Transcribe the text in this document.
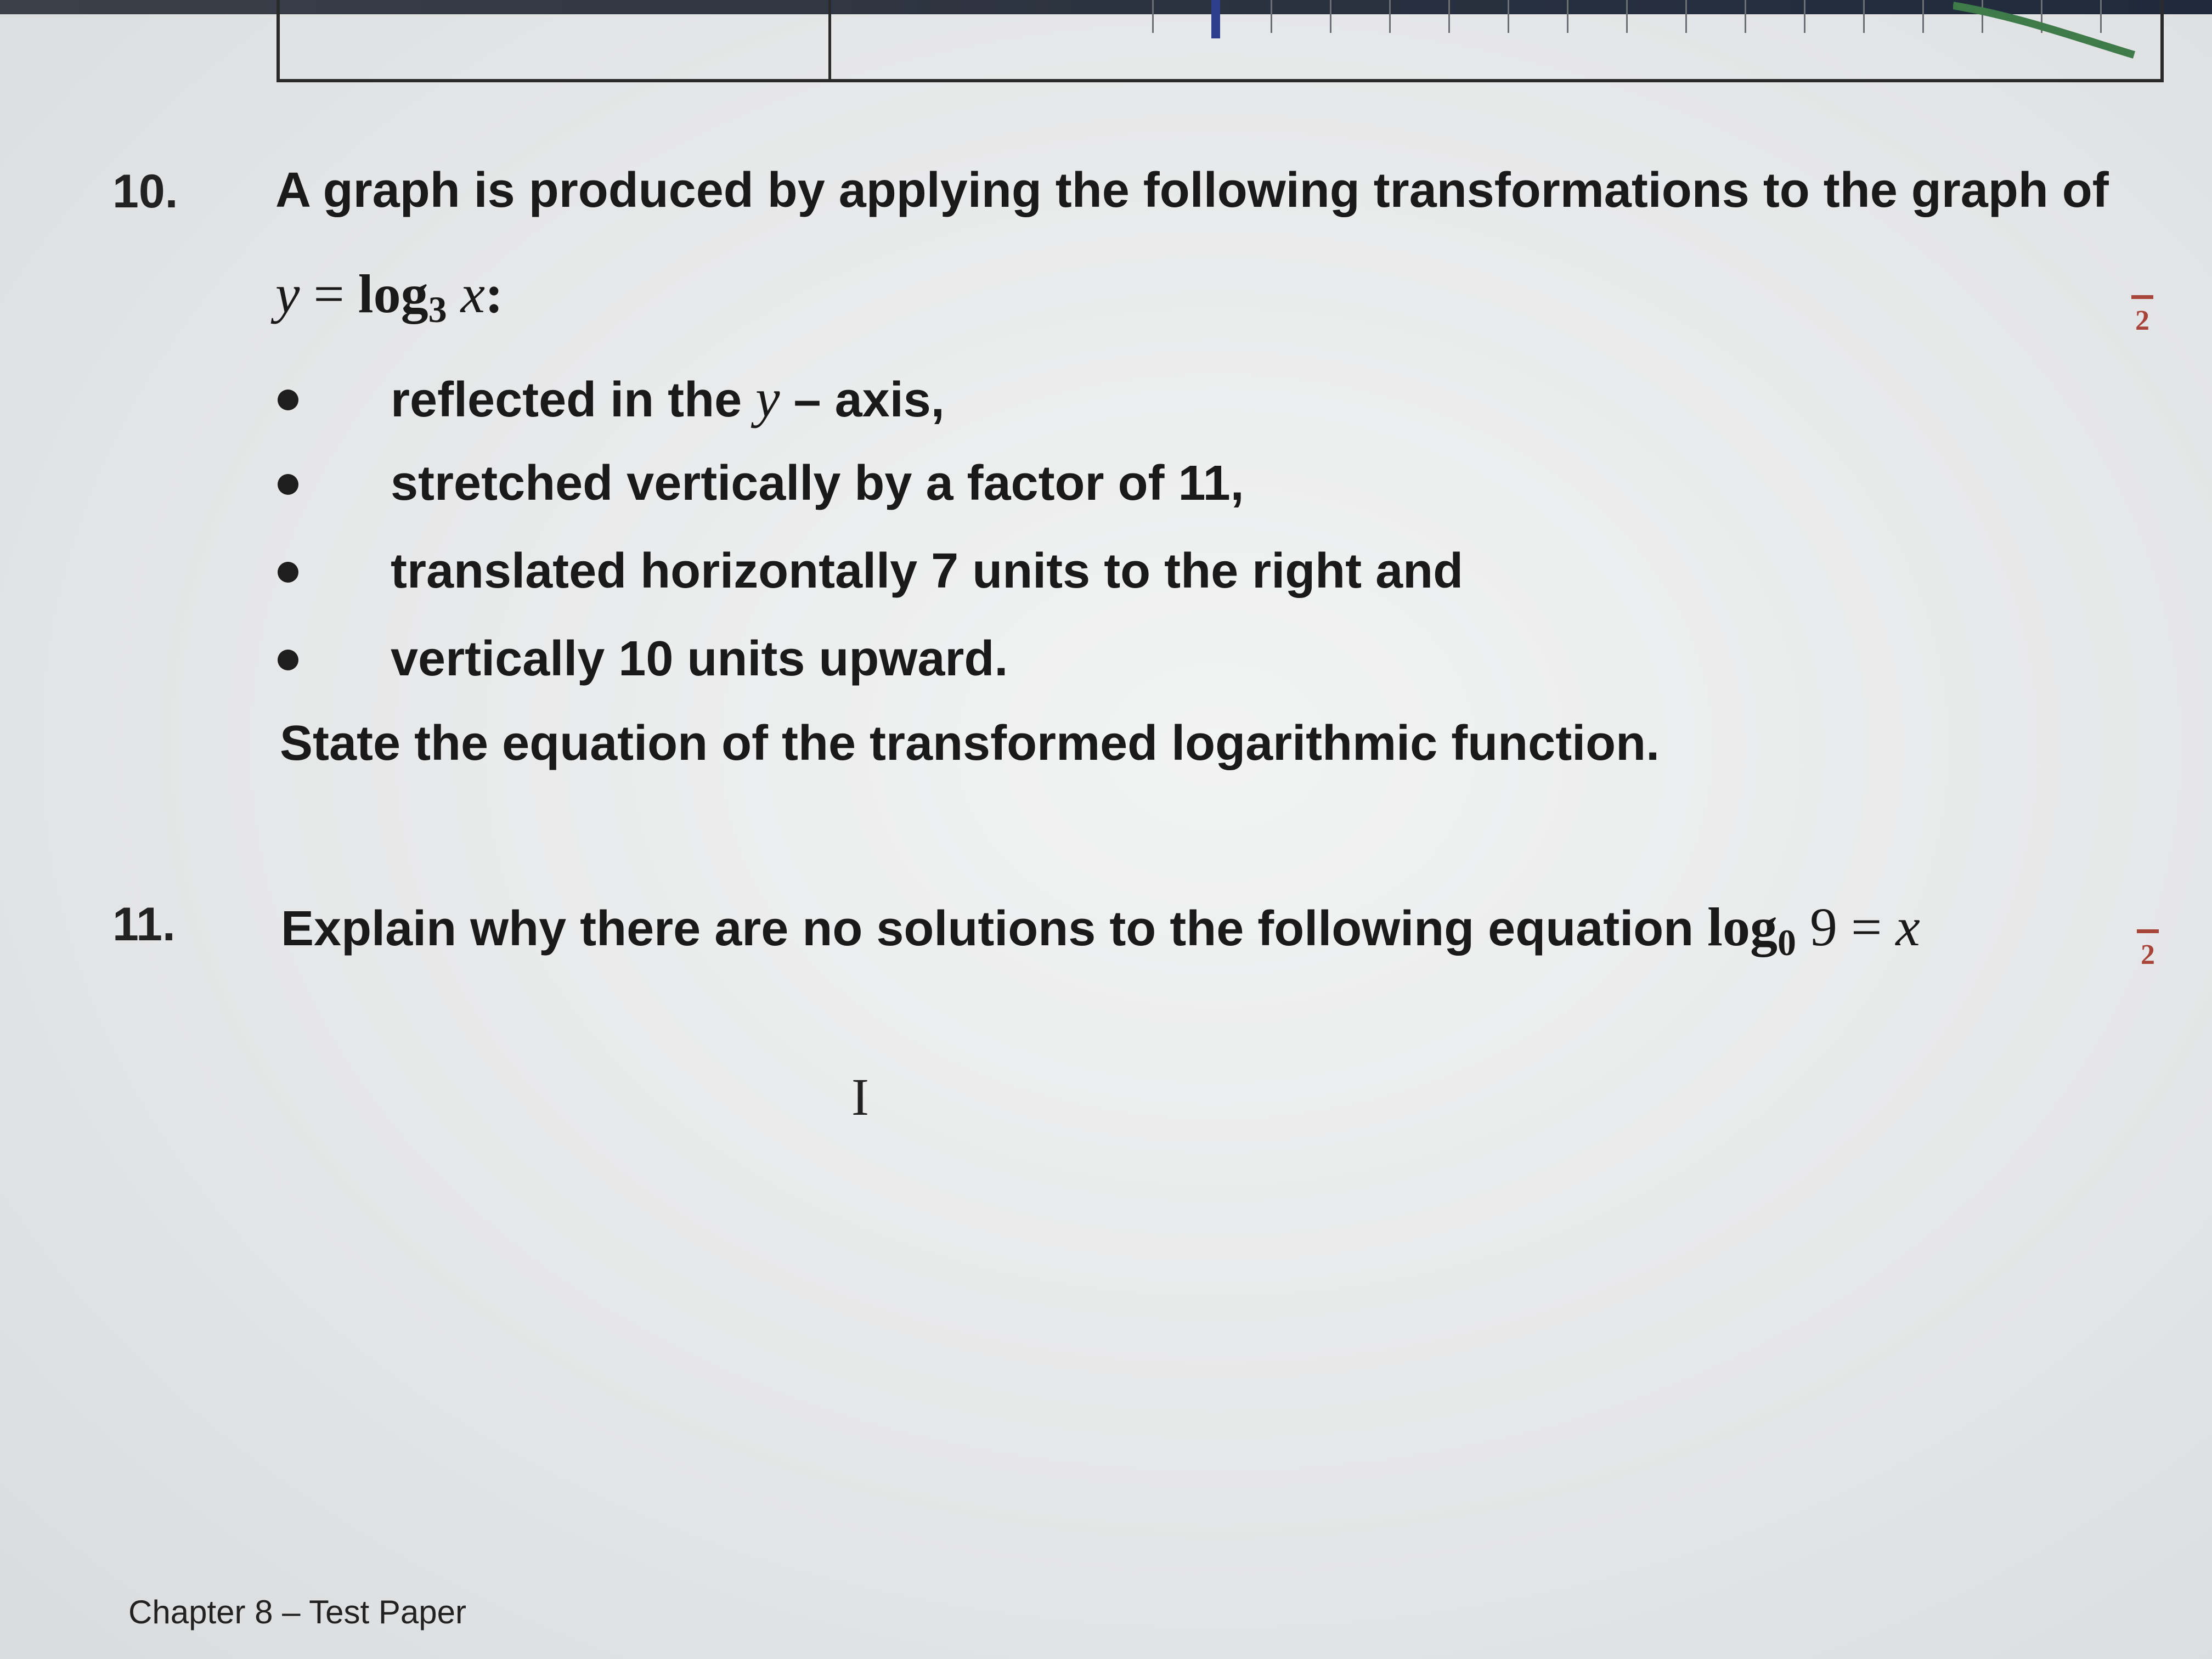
10. A graph is produced by applying the following transformations to the graph of
$y = \log_3 x$:
reflected in the y – axis,
stretched vertically by a factor of 11,
translated horizontally 7 units to the right and
vertically 10 units upward.
State the equation of the transformed logarithmic function.
2
11. Explain why there are no solutions to the following equation $\log_0 9 = x$	2
I
Chapter 8 – Test Paper
